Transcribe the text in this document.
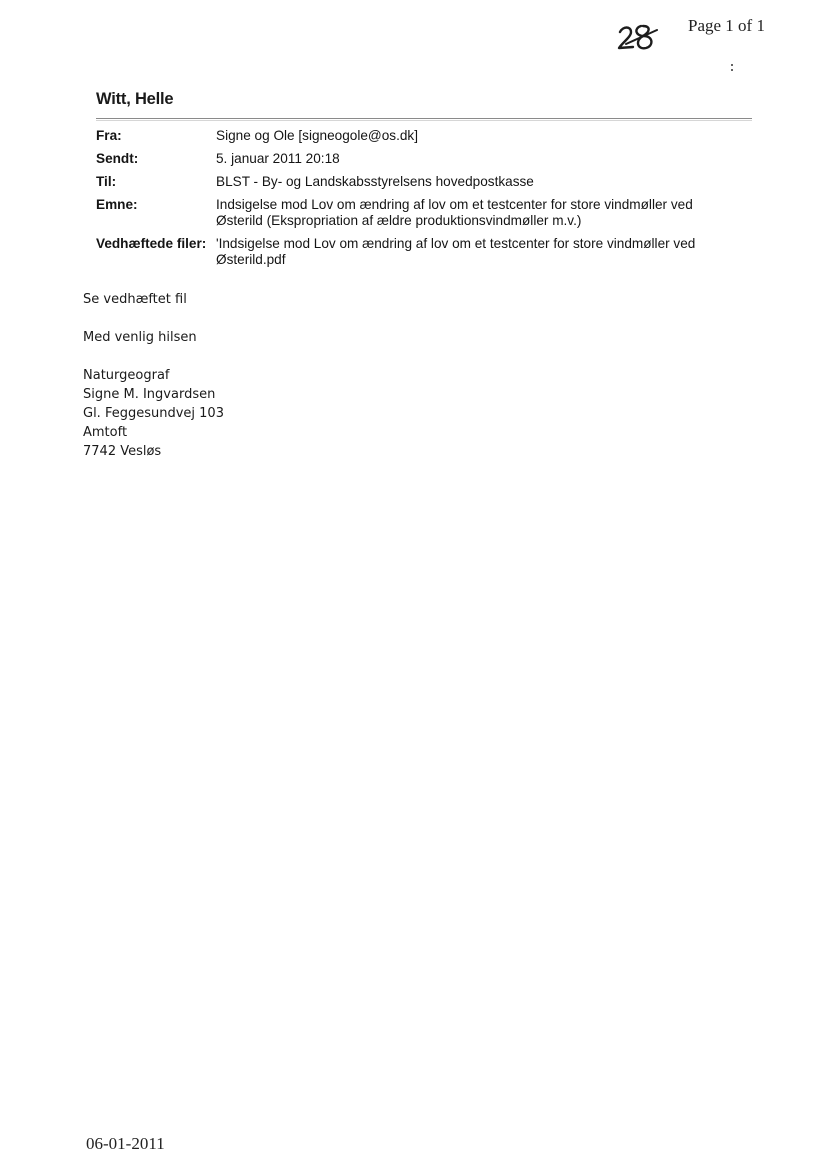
Page 1 of 1
Witt, Helle
Fra:	Signe og Ole [signeogole@os.dk]
Sendt:	5. januar 2011 20:18
Til:	BLST - By- og Landskabsstyrelsens hovedpostkasse
Emne:	Indsigelse mod Lov om ændring af lov om et testcenter for store vindmøller ved Østerild (Ekspropriation af ældre produktionsvindmøller m.v.)
Vedhæftede filer: 'Indsigelse mod Lov om ændring af lov om et testcenter for store vindmøller ved Østerild.pdf
Se vedhæftet fil
Med venlig hilsen
Naturgeograf
Signe M. Ingvardsen
Gl. Feggesundvej 103
Amtoft
7742 Vesløs
06-01-2011
